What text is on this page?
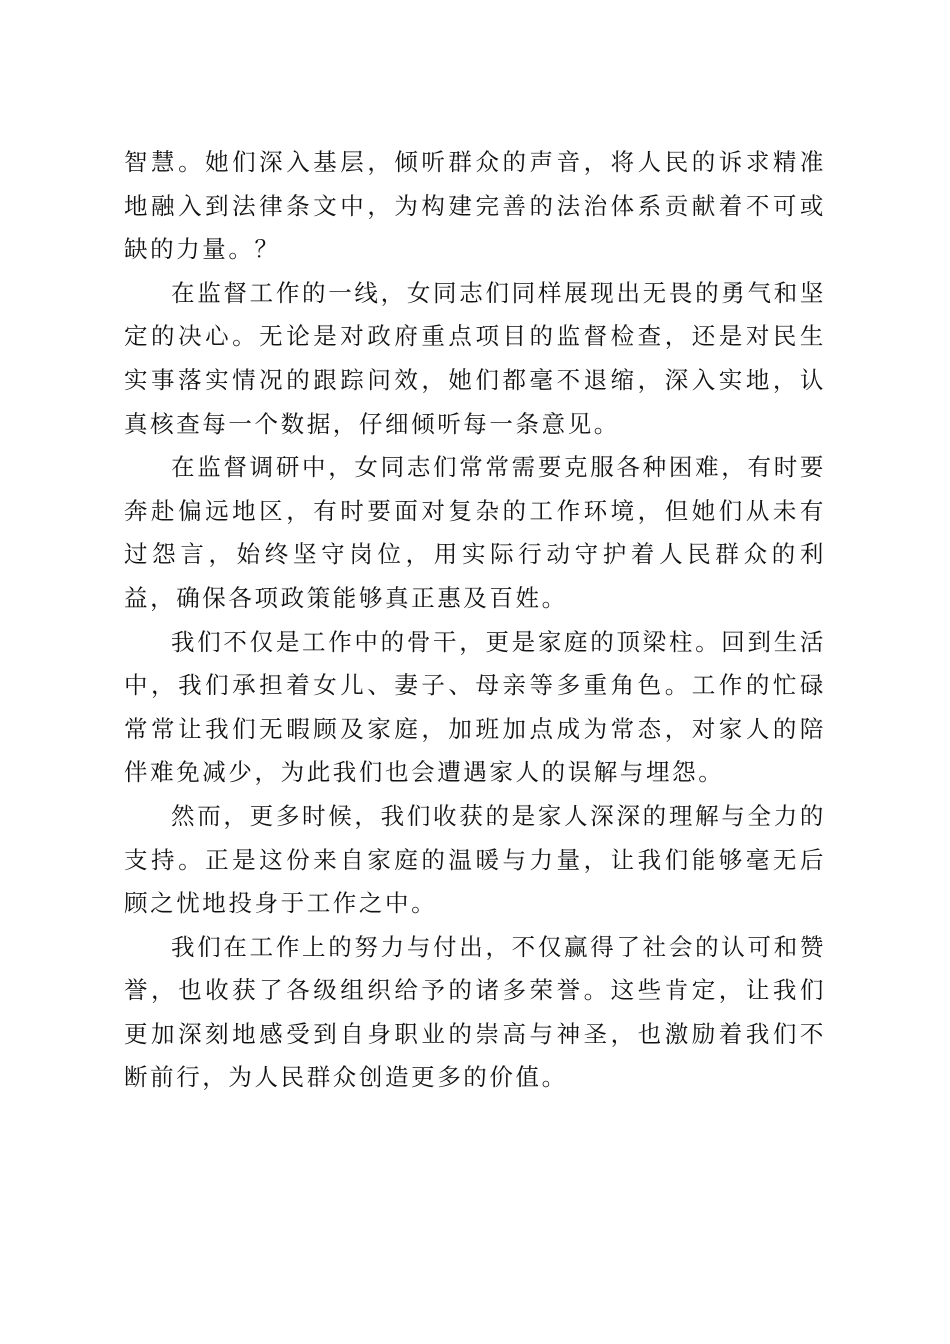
智慧。她们深入基层，倾听群众的声音，将人民的诉求精准地融入到法律条文中，为构建完善的法治体系贡献着不可或缺的力量。？

在监督工作的一线，女同志们同样展现出无畏的勇气和坚定的决心。无论是对政府重点项目的监督检查，还是对民生实事落实情况的跟踪问效，她们都毫不退缩，深入实地，认真核查每一个数据，仔细倾听每一条意见。

在监督调研中，女同志们常常需要克服各种困难，有时要奔赴偏远地区，有时要面对复杂的工作环境，但她们从未有过怨言，始终坚守岗位，用实际行动守护着人民群众的利益，确保各项政策能够真正惠及百姓。

我们不仅是工作中的骨干，更是家庭的顶梁柱。回到生活中，我们承担着女儿、妻子、母亲等多重角色。工作的忙碌常常让我们无暇顾及家庭，加班加点成为常态，对家人的陪伴难免减少，为此我们也会遭遇家人的误解与埋怨。

然而，更多时候，我们收获的是家人深深的理解与全力的支持。正是这份来自家庭的温暖与力量，让我们能够毫无后顾之忧地投身于工作之中。

我们在工作上的努力与付出，不仅赢得了社会的认可和赞誉，也收获了各级组织给予的诸多荣誉。这些肯定，让我们更加深刻地感受到自身职业的崇高与神圣，也激励着我们不断前行，为人民群众创造更多的价值。
